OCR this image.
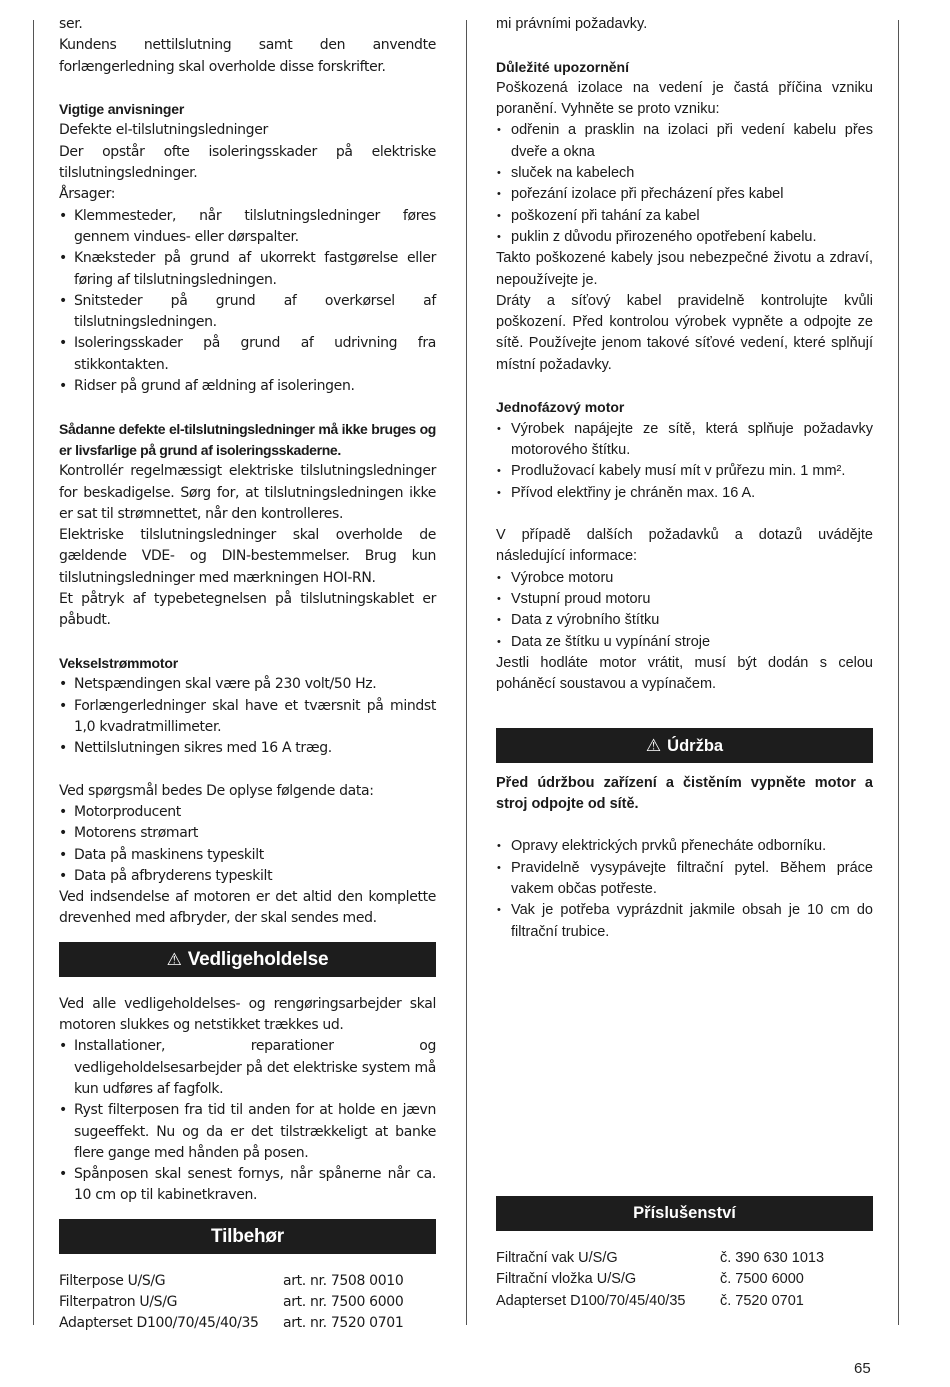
ser.

Kundens nettilslutning samt den anvendte forlængerledning skal overholde disse forskrifter.

Vigtige anvisninger

Defekte el-tilslutningsledninger

Der opstår ofte isoleringsskader på elektriske tilslutningsledninger.

Årsager:

• Klemmesteder, når tilslutningsledninger føres gennem vindues- eller dørspalter.
• Knæksteder på grund af ukorrekt fastgørelse eller føring af tilslutningsledningen.
• Snitsteder på grund af overkørsel af tilslutningsledningen.
• Isoleringsskader på grund af udrivning fra stikkontakten.
• Ridser på grund af ældning af isoleringen.

Sådanne defekte el-tilslutningsledninger må ikke bruges og er livsfarlige på grund af isoleringsskaderne.

Kontrollér regelmæssigt elektriske tilslutningsledninger for beskadigelse. Sørg for, at tilslutningsledningen ikke er sat til strømnettet, når den kontrolleres.

Elektriske tilslutningsledninger skal overholde de gældende VDE- og DIN-bestemmelser. Brug kun tilslutningsledninger med mærkningen HOI-RN.

Et påtryk af typebetegnelsen på tilslutningskablet er påbudt.

Vekselstrømmotor
• Netspændingen skal være på 230 volt/50 Hz.
• Forlængerledninger skal have et tværsnit på mindst 1,0 kvadratmillimeter.
• Nettilslutningen sikres med 16 A træg.

Ved spørgsmål bedes De oplyse følgende data:

• Motorproducent
• Motorens strømart
• Data på maskinens typeskilt
• Data på afbryderens typeskilt

Ved indsendelse af motoren er det altid den komplette drevenhed med afbryder, der skal sendes med.

⚠ Vedligeholdelse

Ved alle vedligeholdelses- og rengøringsarbejder skal motoren slukkes og netstikket trækkes ud.

• Installationer, reparationer og vedligeholdelsesarbejder på det elektriske system må kun udføres af fagfolk.
• Ryst filterposen fra tid til anden for at holde en jævn sugeeffekt. Nu og da er det tilstrækkeligt at banke flere gange med hånden på posen.
• Spånposen skal senest fornys, når spånerne når ca. 10 cm op til kabinetkraven.
Tilbehør
Filterpose U/S/G	art. nr. 7508 0010
Filterpatron U/S/G	art. nr. 7500 6000
Adapterset D100/70/45/40/35	art. nr. 7520 0701

mi právními požadavky.

Důležité upozornění

Poškozená izolace na vedení je častá příčina vzniku poranění. Vyhněte se proto vzniku:

• odřenin a prasklin na izolaci při vedení kabelu přes dveře a okna
• sluček na kabelech
• pořezání izolace při přecházení přes kabel
• poškození při tahání za kabel
• puklin z důvodu přirozeného opotřebení kabelu.

Takto poškozené kabely jsou nebezpečné životu a zdraví, nepoužívejte je.

Dráty a síťový kabel pravidelně kontrolujte kvůli poškození. Před kontrolou výrobek vypněte a odpojte ze sítě. Používejte jenom takové síťové vedení, které splňují místní požadavky.

Jednofázový motor
• Výrobek napájejte ze sítě, která splňuje požadavky motorového štítku.
• Prodlužovací kabely musí mít v průřezu min. 1 mm².
• Přívod elektřiny je chráněn max. 16 A.

V případě dalších požadavků a dotazů uvádějte následující informace:

• Výrobce motoru
• Vstupní proud motoru
• Data z výrobního štítku
• Data ze štítku u vypínání stroje

Jestli hodláte motor vrátit, musí být dodán s celou poháněcí soustavou a vypínačem.

⚠ Údržba

Před údržbou zařízení a čistěním vypněte motor a stroj odpojte od sítě.

• Opravy elektrických prvků přenecháte odborníku.
• Pravidelně vysypávejte filtrační pytel. Během práce vakem občas potřeste.
• Vak je potřeba vyprázdnit jakmile obsah je 10 cm do filtrační trubice.
Příslušenství
Filtrační vak U/S/G	č. 390 630 1013
Filtrační vložka U/S/G	č. 7500 6000
Adapterset D100/70/45/40/35	č. 7520 0701
65
